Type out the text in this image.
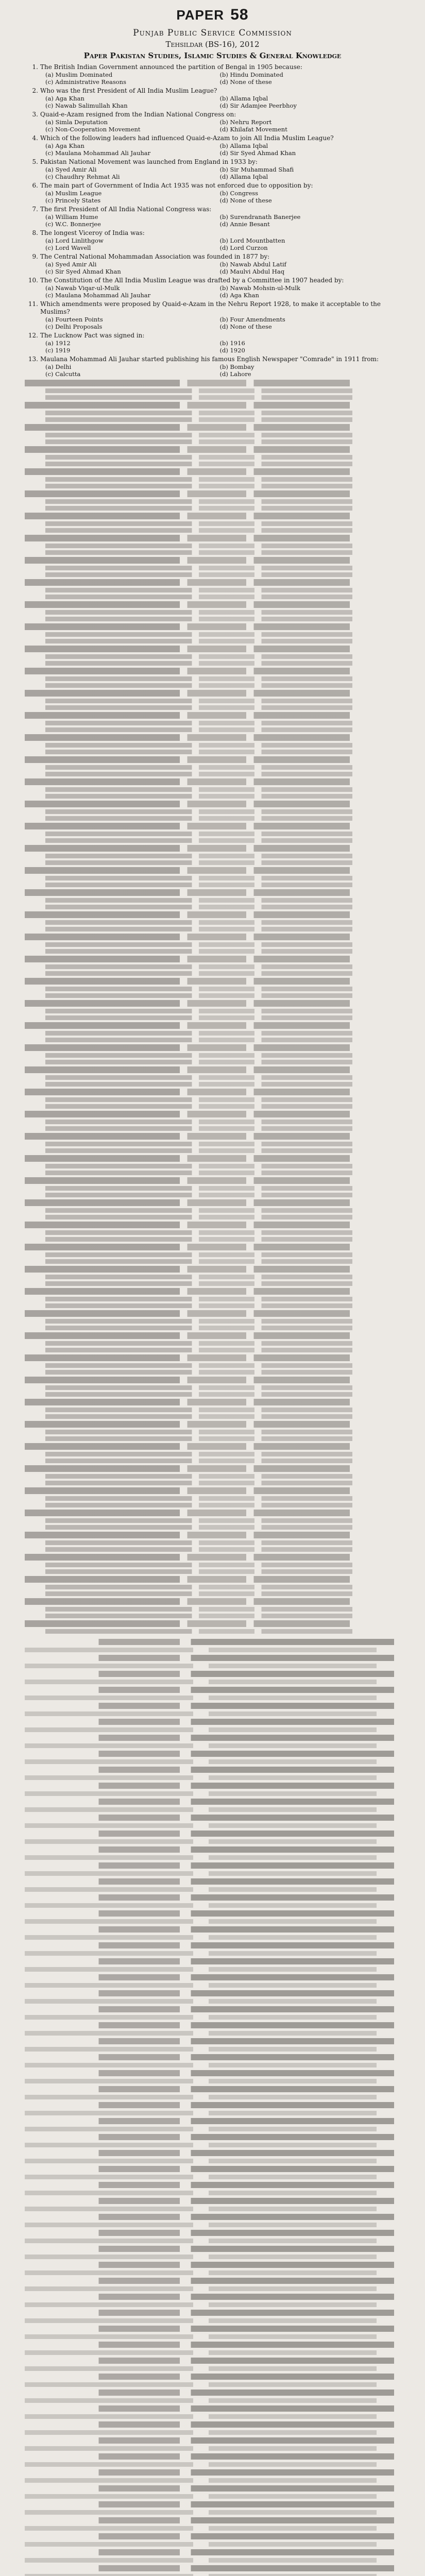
PAPER 58
Punjab Public Service Commission
Tehsildar (BS-16), 2012
Paper Pakistan Studies, Islamic Studies & General Knowledge
1. The British Indian Government announced the partition of Bengal in 1905 because:
(a) Muslim Dominated	(b) Hindu Dominated
(c) Administrative Reasons	(d) None of these
2. Who was the first President of All India Muslim League?
(a) Aga Khan	(b) Allama Iqbal
(c) Nawab Salimullah Khan	(d) Sir Adamjee Peerbhoy
3. Quaid-e-Azam resigned from the Indian National Congress on:
(a) Simla Deputation	(b) Nehru Report
(c) Non-Cooperation Movement	(d) Khilafat Movement
4. Which of the following leaders had influenced Quaid-e-Azam to join All India Muslim League?
(a) Aga Khan	(b) Allama Iqbal
(c) Maulana Mohammad Ali Jauhar	(d) Sir Syed Ahmad Khan
5. Pakistan National Movement was launched from England in 1933 by:
(a) Syed Amir Ali	(b) Sir Muhammad Shafi
(c) Chaudhry Rehmat Ali	(d) Allama Iqbal
6. The main part of Government of India Act 1935 was not enforced due to opposition by:
(a) Muslim League	(b) Congress
(c) Princely States	(d) None of these
7. The first President of All India National Congress was:
(a) William Hume	(b) Surendranath Banerjee
(c) W.C. Bonnerjee	(d) Annie Besant
8. The longest Viceroy of India was:
(a) Lord Linlithgow	(b) Lord Mountbatten
(c) Lord Wavell	(d) Lord Curzon
9. The Central National Mohammadan Association was founded in 1877 by:
(a) Syed Amir Ali	(b) Nawab Abdul Latif
(c) Sir Syed Ahmad Khan	(d) Maulvi Abdul Haq
10. The Constitution of the All India Muslim League was drafted by a Committee in 1907 headed by:
(a) Nawab Viqar-ul-Mulk	(b) Nawab Mohsin-ul-Mulk
(c) Maulana Mohammad Ali Jauhar	(d) Aga Khan
11. Which amendments were proposed by Quaid-e-Azam in the Nehru Report 1928, to make it acceptable to the Muslims?
(a) Fourteen Points	(b) Four Amendments
(c) Delhi Proposals	(d) None of these
12. The Lucknow Pact was signed in:
(a) 1912	(b) 1916
(c) 1919	(d) 1920
13. Maulana Mohammad Ali Jauhar started publishing his famous English Newspaper "Comrade" in 1911 from:
(a) Delhi	(b) Bombay
(c) Calcutta	(d) Lahore
